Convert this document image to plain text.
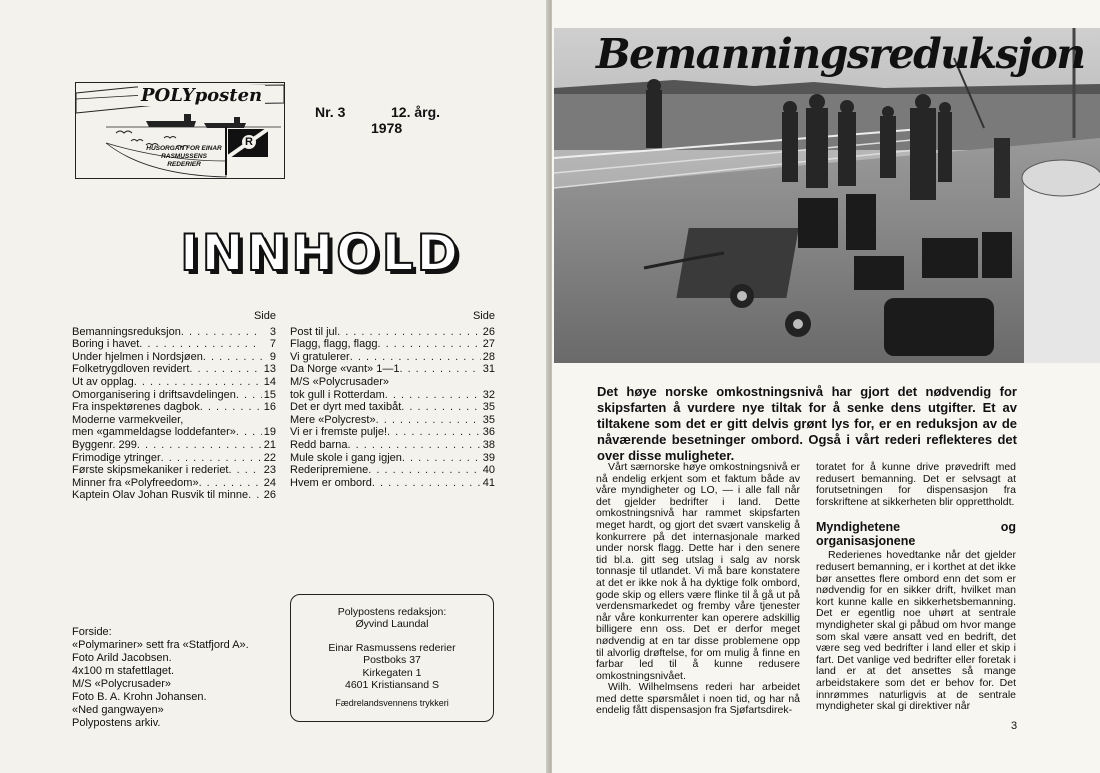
POLYposten
R
HUSORGAN FOR EINAR RASMUSSENS REDERIER
Nr. 3	12. årg.
1978
INNHOLD
Side
Bemanningsreduksjon . . .	3
Boring i havet . . .	7
Under hjelmen i Nordsjøen . . .	9
Folketrygdloven revidert . . .	13
Ut av opplag . . .	14
Omorganisering i driftsavdelingen . . .	15
Fra inspektørenes dagbok . . .	16
Moderne varmekveiler,
men «gammeldagse loddefanter» . . .	19
Byggenr. 299 . . .	21
Frimodige ytringer . . .	22
Første skipsmekaniker i rederiet . . .	23
Minner fra «Polyfreedom» . . .	24
Kaptein Olav Johan Rusvik til minne . . . 26
Side
Post til jul . . .	26
Flagg, flagg, flagg . . .	27
Vi gratulerer . . .	28
Da Norge «vant» 1—1 . . .	31
M/S «Polycrusader»
tok gull i Rotterdam . . .	32
Det er dyrt med taxibåt . . .	35
Mere «Polycrest» . . .	35
Vi er i fremste pulje! . . .	36
Redd barna . . .	38
Mule skole i gang igjen . . .	39
Rederipremiene . . .	40
Hvem er ombord . . .	41
Forside:
«Polymariner» sett fra «Statfjord A».
Foto Arild Jacobsen.
4x100 m stafettlaget.
M/S «Polycrusader»
Foto B. A. Krohn Johansen.
«Ned gangwayen»
Polypostens arkiv.
Polypostens redaksjon:
Øyvind Laundal
Einar Rasmussens rederier
Postboks 37
Kirkegaten 1
4601 Kristiansand S
Fædrelandsvennens trykkeri
Bemanningsreduksjon
Det høye norske omkostningsnivå har gjort det nødvendig for skipsfarten å vurdere nye tiltak for å senke dens utgifter. Et av tiltakene som det er gitt delvis grønt lys for, er en reduksjon av de nåværende besetninger ombord. Også i vårt rederi reflekteres det over disse muligheter.

Vårt særnorske høye omkostningsnivå er nå endelig erkjent som et faktum både av våre myndigheter og LO, — i alle fall når det gjelder bedrifter i land. Dette omkostningsnivå har rammet skipsfarten meget hardt, og gjort det svært vanskelig å konkurrere på det internasjonale marked under norsk flagg. Dette har i den senere tid bl.a. gitt seg utslag i salg av norsk tonnasje til utlandet. Vi må bare konstatere at det er ikke nok å ha dyktige folk ombord, gode skip og ellers være flinke til å gå ut på verdensmarkedet og fremby våre tjenester når våre konkurrenter kan operere adskillig billigere enn oss. Det er derfor meget nødvendig at en tar disse problemene opp til alvorlig drøftelse, for om mulig å finne en farbar led til å kunne redusere omkostningsnivået.

Wilh. Wilhelmsens rederi har arbeidet med dette spørsmålet i noen tid, og har nå endelig fått dispensasjon fra Sjøfartsdirek-

toratet for å kunne drive prøvedrift med redusert bemanning. Det er selvsagt at forutsetningen for dispensasjon fra forskriftene at sikkerheten blir opprettholdt.

Myndighetene og organisasjonene

Rederienes hovedtanke når det gjelder redusert bemanning, er i korthet at det ikke bør ansettes flere ombord enn det som er nødvendig for en sikker drift, hvilket man kort kunne kalle en sikkerhetsbemanning. Det er egentlig noe uhørt at sentrale myndigheter skal gi påbud om hvor mange som skal være ansatt ved en bedrift, det være seg ved bedrifter i land eller et skip i fart. Det vanlige ved bedrifter eller foretak i land er at det ansettes så mange arbeidstakere som det er behov for. Det innrømmes naturligvis at de sentrale myndigheter skal gi direktiver når

3
